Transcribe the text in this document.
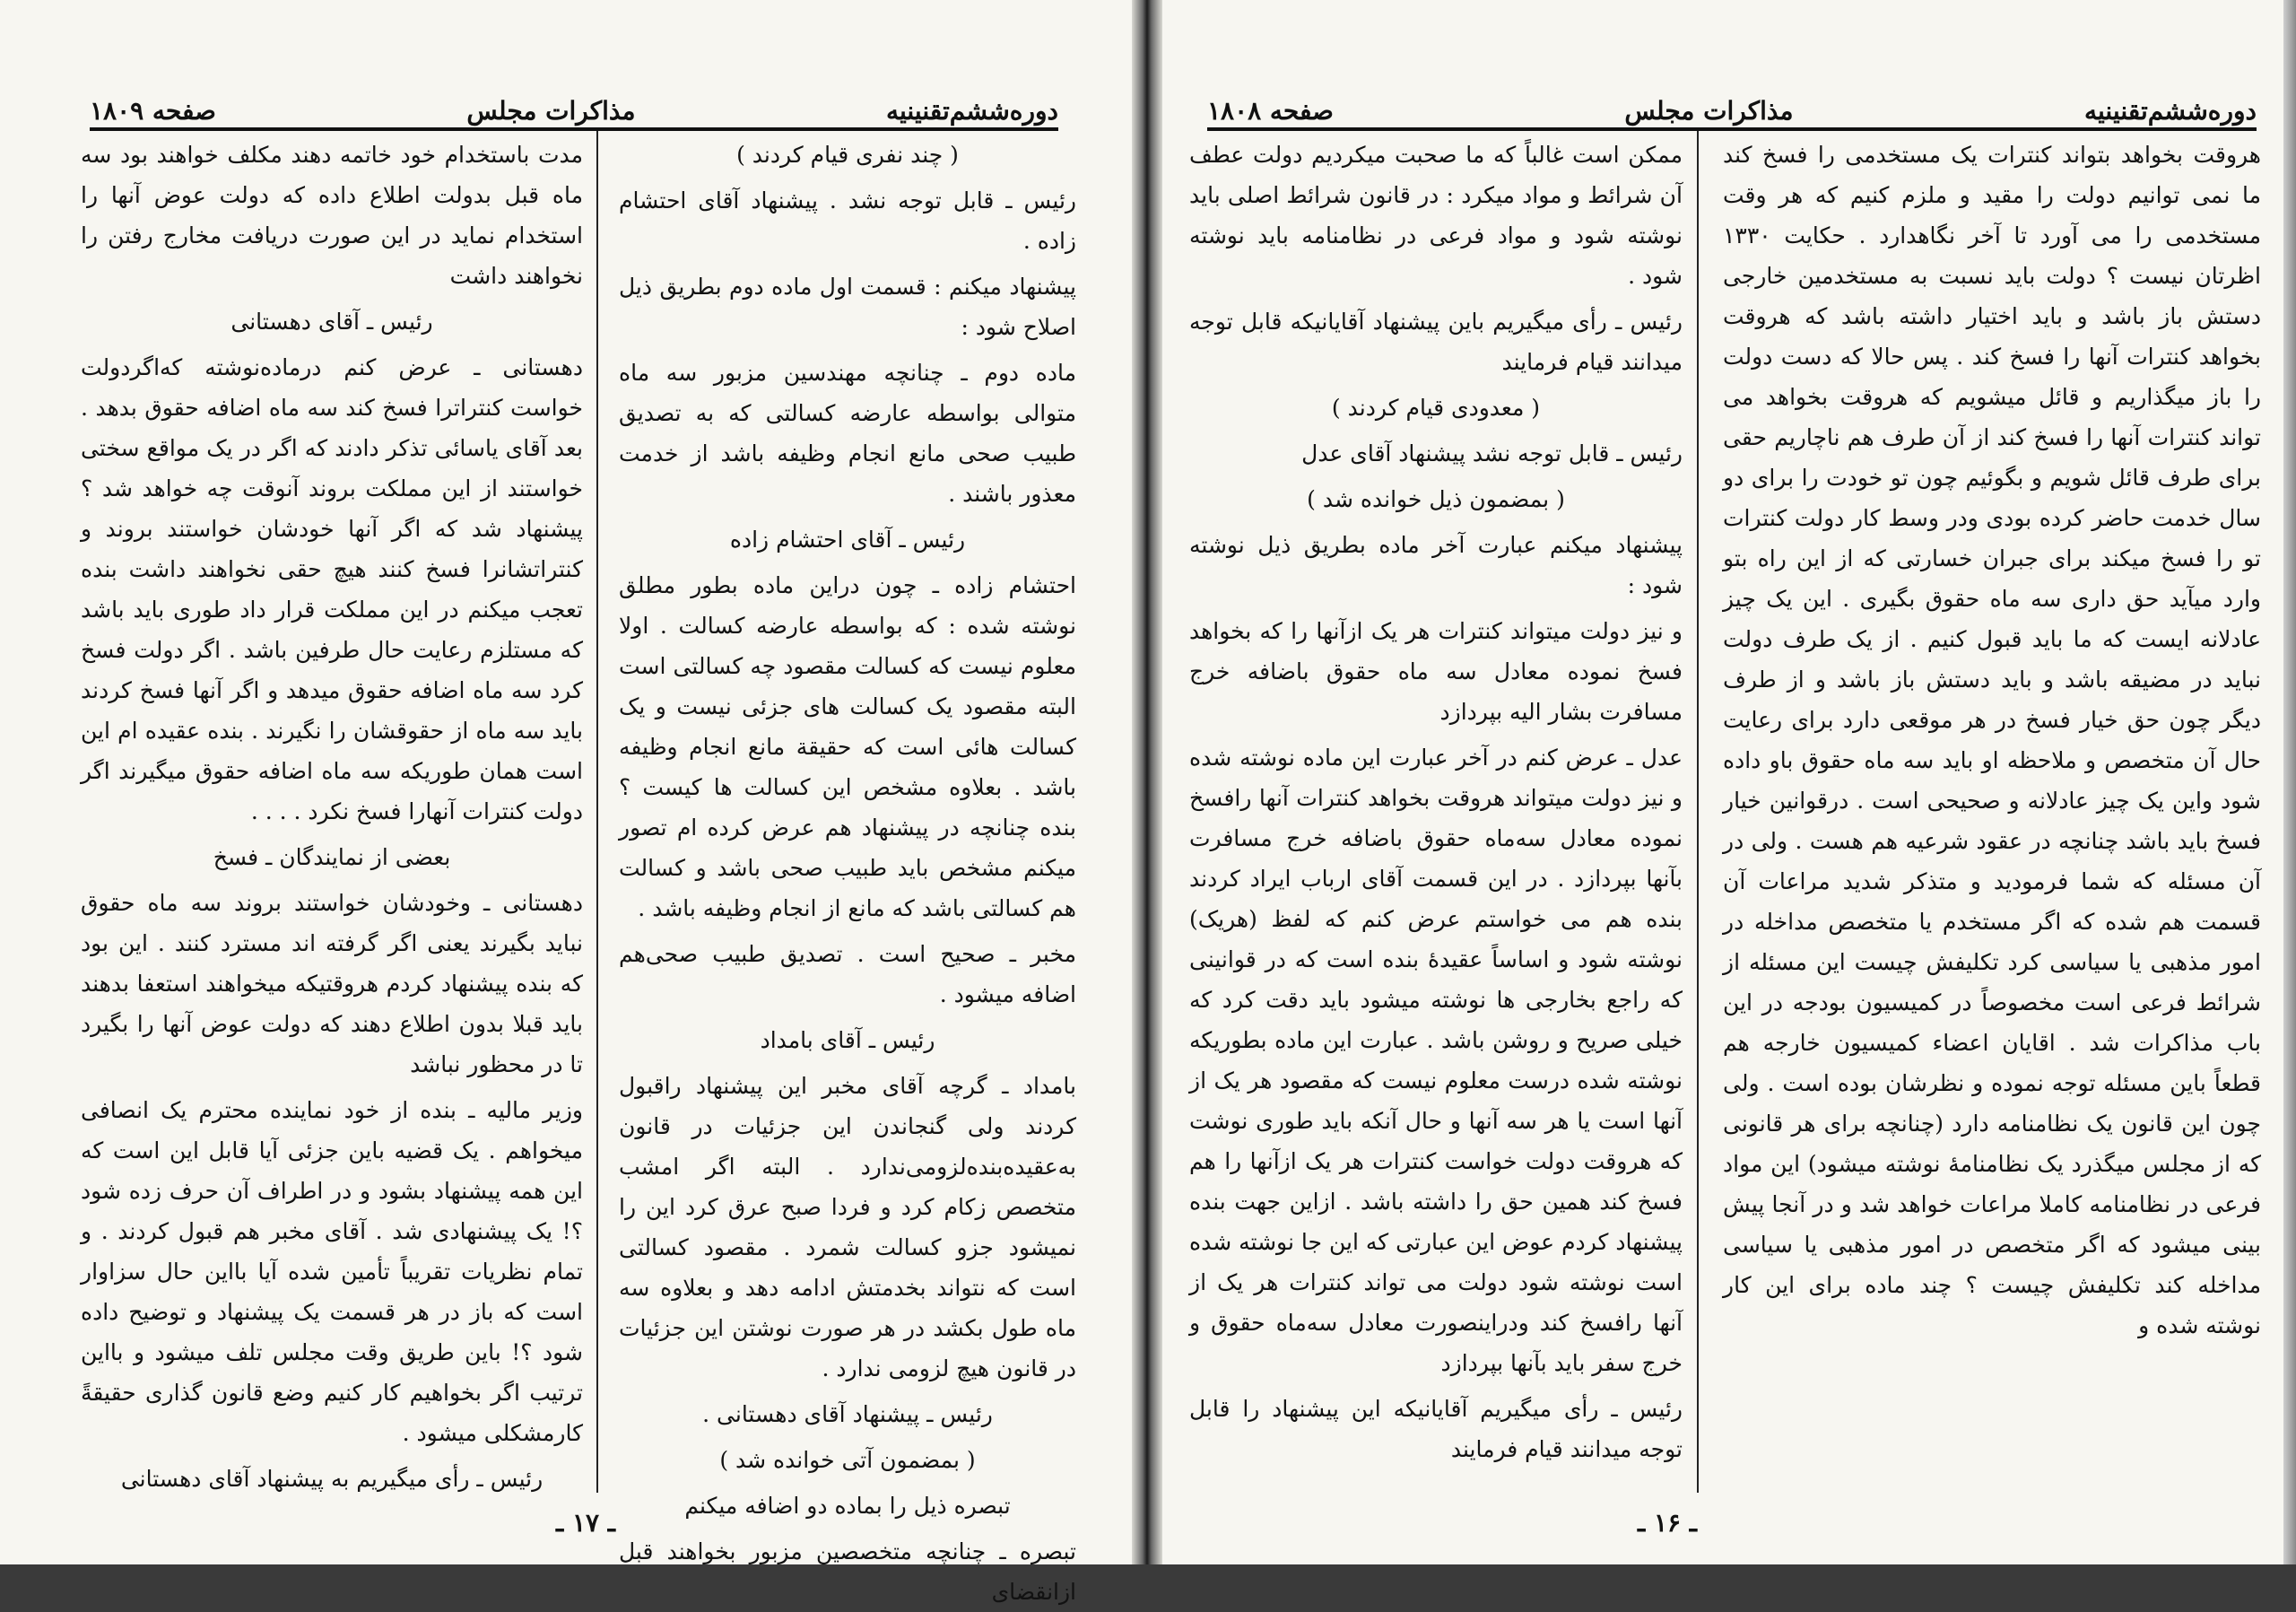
دوره‌ششم‌تقنینیه
مذاکرات مجلس
صفحه ۱۸۰۹

( چند نفری قیام کردند )

رئیس ـ قابل توجه نشد . پیشنهاد آقای احتشام زاده .

پیشنهاد میکنم : قسمت اول ماده دوم بطریق ذیل اصلاح شود :

ماده دوم ـ چنانچه مهندسین مزبور سه ماه متوالی بواسطه عارضه کسالتی که به تصدیق طبیب صحی مانع انجام وظیفه باشد از خدمت معذور باشند .

رئیس ـ آقای احتشام زاده

احتشام زاده ـ چون دراین ماده بطور مطلق نوشته شده : که بواسطه عارضه کسالت . اولا معلوم نیست که کسالت مقصود چه کسالتی است البته مقصود یک کسالت های جزئی نیست و یک کسالت هائی است که حقیقة مانع انجام وظیفه باشد . بعلاوه مشخص این کسالت ها کیست ؟ بنده چنانچه در پیشنهاد هم عرض کرده ام تصور میکنم مشخص باید طبیب صحی باشد و کسالت هم کسالتی باشد که مانع از انجام وظیفه باشد .

مخبر ـ صحیح است . تصدیق طبیب صحی‌هم اضافه میشود .

رئیس ـ آقای بامداد

بامداد ـ گرچه آقای مخبر این پیشنهاد راقبول کردند ولی گنجاندن این جزئیات در قانون به‌عقیده‌بنده‌لزومی‌ندارد . البته اگر امشب متخصص زکام کرد و فردا صبح عرق کرد این را نمیشود جزو کسالت شمرد . مقصود کسالتی است که نتواند بخدمتش ادامه دهد و بعلاوه سه ماه طول بکشد در هر صورت نوشتن این جزئیات در قانون هیچ لزومی ندارد .

رئیس ـ پیشنهاد آقای دهستانی .

( بمضمون آتی خوانده شد )

تبصره ذیل را بماده دو اضافه میکنم

تبصره ـ چنانچه متخصصین مزبور بخواهند قبل ازانقضای

مدت باستخدام خود خاتمه دهند مکلف خواهند بود سه ماه قبل بدولت اطلاع داده که دولت عوض آنها را استخدام نماید در این صورت دریافت مخارج رفتن را نخواهند داشت

رئیس ـ آقای دهستانی

دهستانی ـ عرض کنم درماده‌نوشته که‌اگردولت خواست کنتراترا فسخ کند سه ماه اضافه حقوق بدهد . بعد آقای یاسائی تذکر دادند که اگر در یک مواقع سختی خواستند از این مملکت بروند آنوقت چه خواهد شد ؟ پیشنهاد شد که اگر آنها خودشان خواستند بروند و کنتراتشانرا فسخ کنند هیچ حقی نخواهند داشت بنده تعجب میکنم در این مملکت قرار داد طوری باید باشد که مستلزم رعایت حال طرفین باشد . اگر دولت فسخ کرد سه ماه اضافه حقوق میدهد و اگر آنها فسخ کردند باید سه ماه از حقوقشان را نگیرند . بنده عقیده ام این است همان طوریکه سه ماه اضافه حقوق میگیرند اگر دولت کنترات آنهارا فسخ نکرد . . . .

بعضی از نمایندگان ـ فسخ

دهستانی ـ وخودشان خواستند بروند سه ماه حقوق نباید بگیرند یعنی اگر گرفته اند مسترد کنند . این بود که بنده پیشنهاد کردم هروقتیکه میخواهند استعفا بدهند باید قبلا بدون اطلاع دهند که دولت عوض آنها را بگیرد تا در محظور نباشد

وزیر مالیه ـ بنده از خود نماینده محترم یک انصافی میخواهم . یک قضیه باین جزئی آیا قابل این است که این همه پیشنهاد بشود و در اطراف آن حرف زده شود ؟! یک پیشنهادی شد . آقای مخبر هم قبول کردند . و تمام نظریات تقریباً تأمین شده آیا بااین حال سزاوار است که باز در هر قسمت یک پیشنهاد و توضیح داده شود ؟! باین طریق وقت مجلس تلف میشود و بااین ترتیب اگر بخواهیم کار کنیم وضع قانون گذاری حقیقةً کارمشکلی میشود .

رئیس ـ رأی میگیریم به پیشنهاد آقای دهستانی

ـ ۱۷ ـ
دوره‌ششم‌تقنینیه
مذاکرات مجلس
صفحه ۱۸۰۸

هروقت بخواهد بتواند کنترات یک مستخدمی را فسخ کند ما نمی توانیم دولت را مقید و ملزم کنیم که هر وقت مستخدمی را می آورد تا آخر نگاهدارد . حکایت ۱۳۳۰ اظرتان نیست ؟ دولت باید نسبت به مستخدمین خارجی دستش باز باشد و باید اختیار داشته باشد که هروقت بخواهد کنترات آنها را فسخ کند . پس حالا که دست دولت را باز میگذاریم و قائل میشویم که هروقت بخواهد می تواند کنترات آنها را فسخ کند از آن طرف هم ناچاریم حقی برای طرف قائل شویم و بگوئیم چون تو خودت را برای دو سال خدمت حاضر کرده بودی ودر وسط کار دولت کنترات تو را فسخ میکند برای جبران خسارتی که از این راه بتو وارد میآید حق داری سه ماه حقوق بگیری . این یک چیز عادلانه ایست که ما باید قبول کنیم . از یک طرف دولت نباید در مضیقه باشد و باید دستش باز باشد و از طرف دیگر چون حق خیار فسخ در هر موقعی دارد برای رعایت حال آن متخصص و ملاحظه او باید سه ماه حقوق باو داده شود واین یک چیز عادلانه و صحیحی است . درقوانین خیار فسخ باید باشد چنانچه در عقود شرعیه هم هست . ولی در آن مسئله که شما فرمودید و متذکر شدید مراعات آن قسمت هم شده که اگر مستخدم یا متخصص مداخله در امور مذهبی یا سیاسی کرد تکلیفش چیست این مسئله از شرائط فرعی است مخصوصاً در کمیسیون بودجه در این باب مذاکرات شد . اقایان اعضاء کمیسیون خارجه هم قطعاً باین مسئله توجه نموده و نظرشان بوده است . ولی چون این قانون یک نظامنامه دارد (چنانچه برای هر قانونی که از مجلس میگذرد یک نظامنامهٔ نوشته میشود) این مواد فرعی در نظامنامه کاملا مراعات خواهد شد و در آنجا پیش بینی میشود که اگر متخصص در امور مذهبی یا سیاسی مداخله کند تکلیفش چیست ؟ چند ماده برای این کار نوشته شده و

ممکن است غالباً که ما صحبت میکردیم دولت عطف آن شرائط و مواد میکرد : در قانون شرائط اصلی باید نوشته شود و مواد فرعی در نظامنامه باید نوشته شود .

رئیس ـ رأی میگیریم باین پیشنهاد آقایانیکه قابل توجه میدانند قیام فرمایند

( معدودی قیام کردند )

رئیس ـ قابل توجه نشد پیشنهاد آقای عدل

( بمضمون ذیل خوانده شد )

پیشنهاد میکنم عبارت آخر ماده بطریق ذیل نوشته شود :

و نیز دولت میتواند کنترات هر یک ازآنها را که بخواهد فسخ نموده معادل سه ماه حقوق باضافه خرج مسافرت بشار الیه بپردازد

عدل ـ عرض کنم در آخر عبارت این ماده نوشته شده و نیز دولت میتواند هروقت بخواهد کنترات آنها رافسخ نموده معادل سه‌ماه حقوق باضافه خرج مسافرت بآنها بپردازد . در این قسمت آقای ارباب ایراد کردند بنده هم می خواستم عرض کنم که لفظ (هریک) نوشته شود و اساساً عقیدهٔ بنده است که در قوانینی که راجع بخارجی ها نوشته میشود باید دقت کرد که خیلی صریح و روشن باشد . عبارت این ماده بطوریکه نوشته شده درست معلوم نیست که مقصود هر یک از آنها است یا هر سه آنها و حال آنکه باید طوری نوشت که هروقت دولت خواست کنترات هر یک ازآنها را هم فسخ کند همین حق را داشته باشد . ازاین جهت بنده پیشنهاد کردم عوض این عبارتی که این جا نوشته شده است نوشته شود دولت می تواند کنترات هر یک از آنها رافسخ کند ودراینصورت معادل سه‌ماه حقوق و خرج سفر باید بآنها بپردازد

رئیس ـ رأی میگیریم آقایانیکه این پیشنهاد را قابل توجه میدانند قیام فرمایند

ـ ۱۶ ـ
